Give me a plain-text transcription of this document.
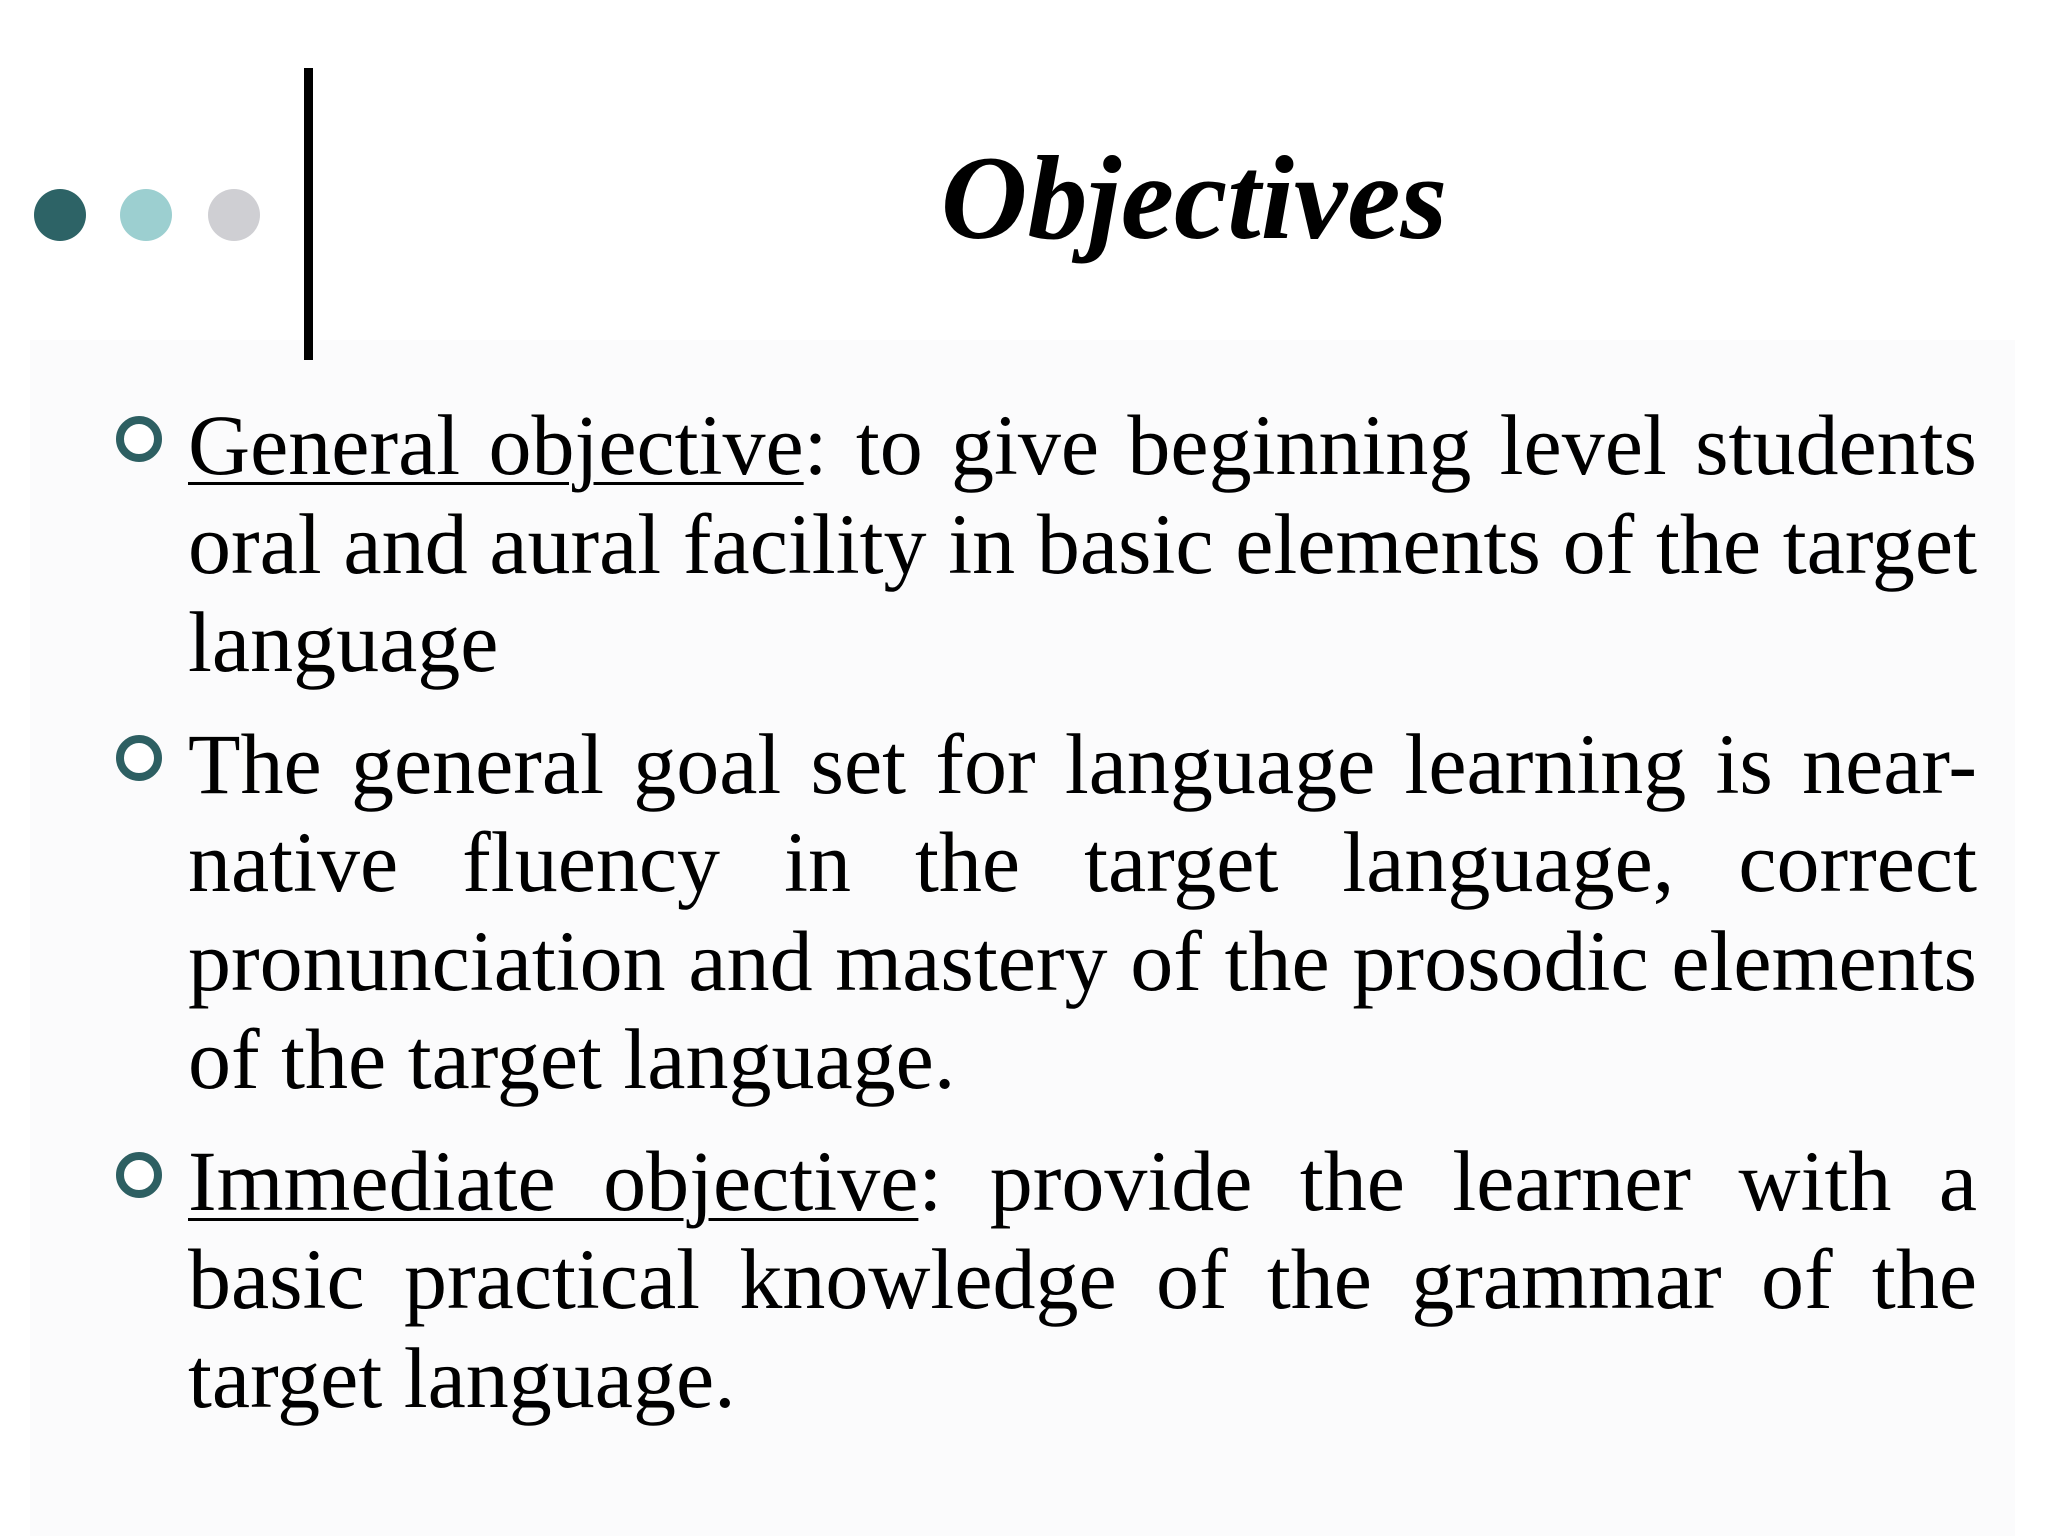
Objectives
General objective: to give beginning level students oral and aural facility in basic elements of the target language
The general goal set for language learning is near-native fluency in the target language, correct pronunciation and mastery of the prosodic elements of the target language.
Immediate objective: provide the learner with a basic practical knowledge of the grammar of the target language.
